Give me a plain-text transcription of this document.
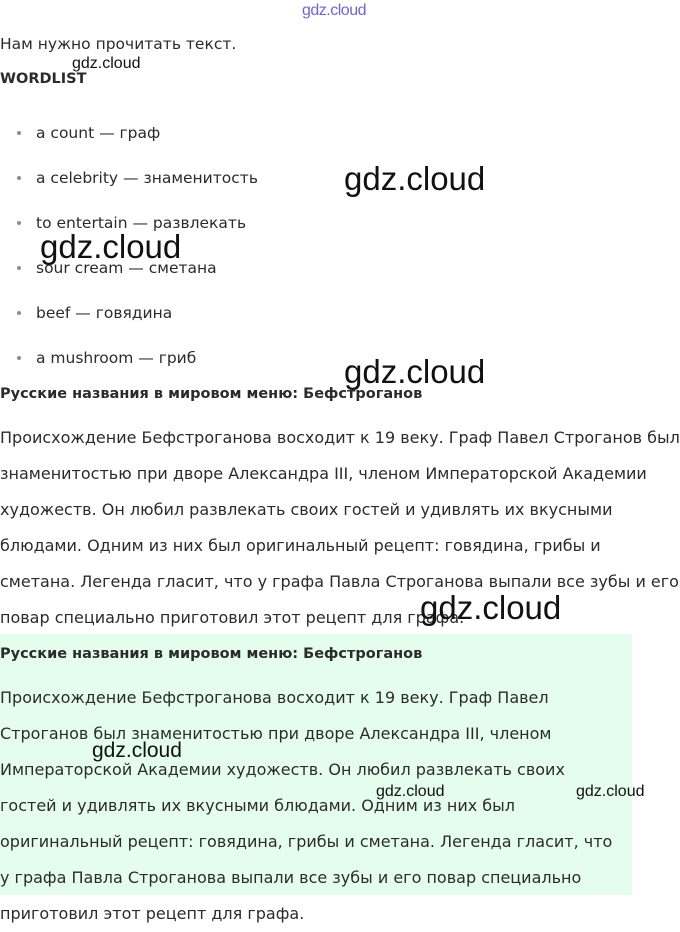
gdz.cloud
Нам нужно прочитать текст.
WORDLIST
a count — граф
a celebrity — знаменитость
to entertain — развлекать
sour cream — сметана
beef — говядина
a mushroom — гриб
Русские названия в мировом меню: Бефстроганов

Происхождение Бефстроганова восходит к 19 веку. Граф Павел Строганов был знаменитостью при дворе Александра III, членом Императорской Академии художеств. Он любил развлекать своих гостей и удивлять их вкусными блюдами. Одним из них был оригинальный рецепт: говядина, грибы и сметана. Легенда гласит, что у графа Павла Строганова выпали все зубы и его повар специально приготовил этот рецепт для графа.

Русские названия в мировом меню: Бефстроганов

Происхождение Бефстроганова восходит к 19 веку. Граф Павел Строганов был знаменитостью при дворе Александра III, членом Императорской Академии художеств. Он любил развлекать своих гостей и удивлять их вкусными блюдами. Одним из них был оригинальный рецепт: говядина, грибы и сметана. Легенда гласит, что у графа Павла Строганова выпали все зубы и его повар специально приготовил этот рецепт для графа.

gdz.cloud
gdz.cloud
gdz.cloud
gdz.cloud
gdz.cloud
gdz.cloud
gdz.cloud	gdz.cloud
